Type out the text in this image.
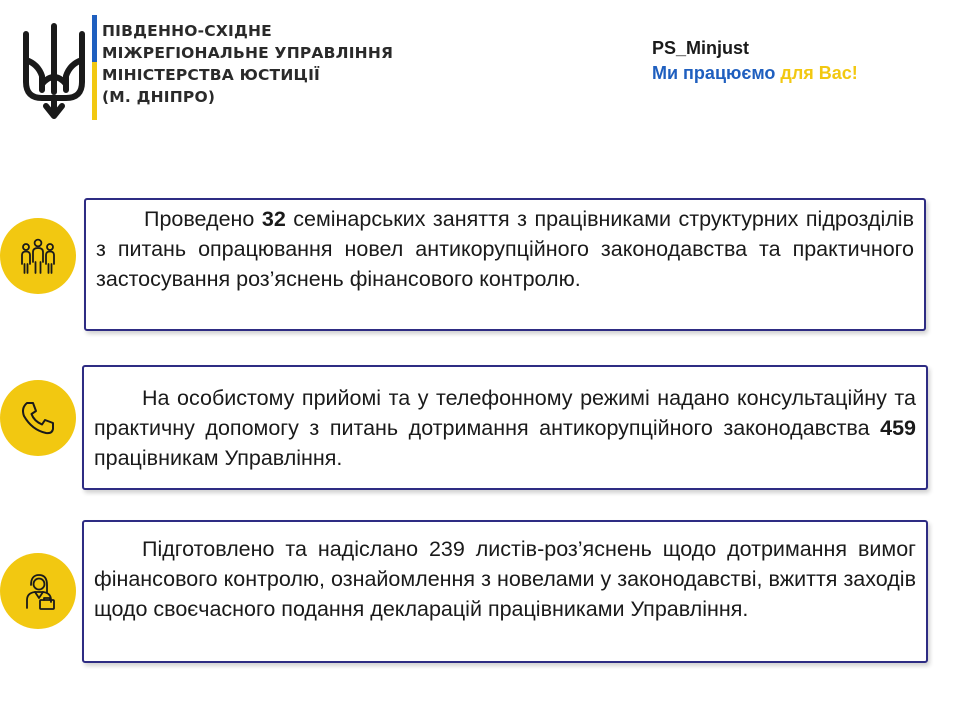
ПІВДЕННО-СХІДНЕ
МІЖРЕГІОНАЛЬНЕ УПРАВЛІННЯ
МІНІСТЕРСТВА ЮСТИЦІЇ
(М. ДНІПРО)
PS_Minjust
Ми працюємо для Вас!

Проведено 32 семінарських заняття з працівниками структурних підрозділів з питань опрацювання новел антикорупційного законодавства та практичного застосування роз’яснень фінансового контролю.

На особистому прийомі та у телефонному режимі надано консультаційну та практичну допомогу з питань дотримання антикорупційного законодавства 459 працівникам Управління.

Підготовлено та надіслано 239 листів-роз’яснень щодо дотримання вимог фінансового контролю, ознайомлення з новелами у законодавстві, вжиття заходів щодо своєчасного подання декларацій працівниками Управління.
